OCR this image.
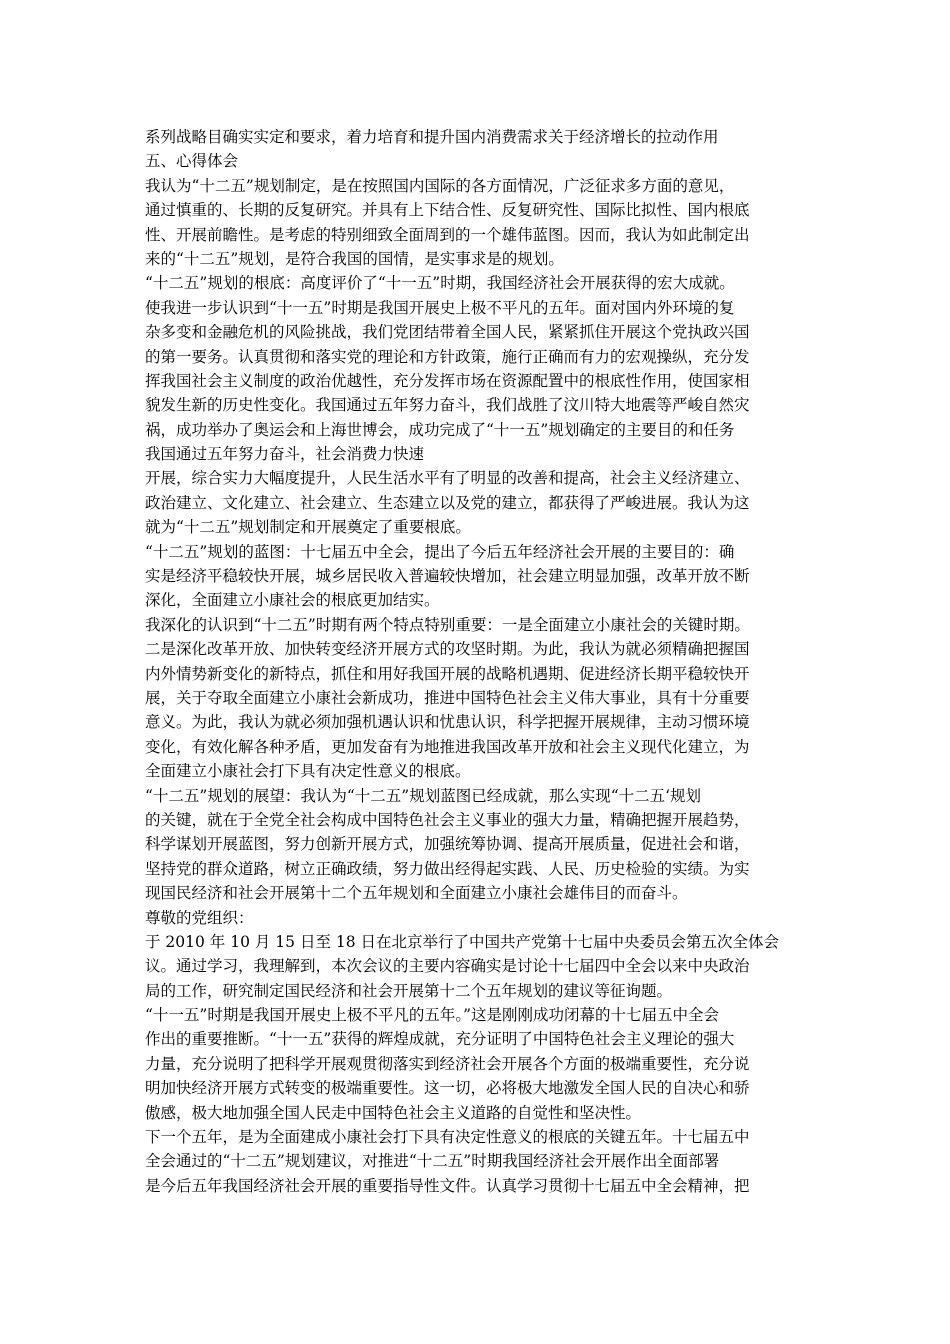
系列战略目确实实定和要求，着力培育和提升国内消费需求关于经济增长的拉动作用
五、心得体会
我认为“十二五”规划制定，是在按照国内国际的各方面情况，广泛征求多方面的意见，
通过慎重的、长期的反复研究。并具有上下结合性、反复研究性、国际比拟性、国内根底
性、开展前瞻性。是考虑的特别细致全面周到的一个雄伟蓝图。因而，我认为如此制定出
来的“十二五”规划，是符合我国的国情，是实事求是的规划。
“十二五”规划的根底：高度评价了“十一五”时期，我国经济社会开展获得的宏大成就。
使我进一步认识到“十一五”时期是我国开展史上极不平凡的五年。面对国内外环境的复
杂多变和金融危机的风险挑战，我们党团结带着全国人民，紧紧抓住开展这个党执政兴国
的第一要务。认真贯彻和落实党的理论和方针政策，施行正确而有力的宏观操纵，充分发
挥我国社会主义制度的政治优越性，充分发挥市场在资源配置中的根底性作用，使国家相
貌发生新的历史性变化。我国通过五年努力奋斗，我们战胜了汶川特大地震等严峻自然灾
祸，成功举办了奥运会和上海世博会，成功完成了“十一五”规划确定的主要目的和任务
我国通过五年努力奋斗，社会消费力快速
开展，综合实力大幅度提升，人民生活水平有了明显的改善和提高，社会主义经济建立、
政治建立、文化建立、社会建立、生态建立以及党的建立，都获得了严峻进展。我认为这
就为“十二五”规划制定和开展奠定了重要根底。
“十二五”规划的蓝图：十七届五中全会，提出了今后五年经济社会开展的主要目的：确
实是经济平稳较快开展，城乡居民收入普遍较快增加，社会建立明显加强，改革开放不断
深化，全面建立小康社会的根底更加结实。
我深化的认识到“十二五”时期有两个特点特别重要：一是全面建立小康社会的关键时期。
二是深化改革开放、加快转变经济开展方式的攻坚时期。为此，我认为就必须精确把握国
内外情势新变化的新特点，抓住和用好我国开展的战略机遇期、促进经济长期平稳较快开
展，关于夺取全面建立小康社会新成功，推进中国特色社会主义伟大事业，具有十分重要
意义。为此，我认为就必须加强机遇认识和忧患认识，科学把握开展规律，主动习惯环境
变化，有效化解各种矛盾，更加发奋有为地推进我国改革开放和社会主义现代化建立，为
全面建立小康社会打下具有决定性意义的根底。
“十二五”规划的展望：我认为“十二五”规划蓝图已经成就，那么实现“十二五‘规划
的关键，就在于全党全社会构成中国特色社会主义事业的强大力量，精确把握开展趋势，
科学谋划开展蓝图，努力创新开展方式，加强统筹协调、提高开展质量，促进社会和谐，
坚持党的群众道路，树立正确政绩，努力做出经得起实践、人民、历史检验的实绩。为实
现国民经济和社会开展第十二个五年规划和全面建立小康社会雄伟目的而奋斗。
尊敬的党组织：
于 2010 年 10 月 15 日至 18 日在北京举行了中国共产党第十七届中央委员会第五次全体会
议。通过学习，我理解到，本次会议的主要内容确实是讨论十七届四中全会以来中央政治
局的工作，研究制定国民经济和社会开展第十二个五年规划的建议等征询题。
“十一五”时期是我国开展史上极不平凡的五年。”这是刚刚成功闭幕的十七届五中全会
作出的重要推断。“十一五”获得的辉煌成就，充分证明了中国特色社会主义理论的强大
力量，充分说明了把科学开展观贯彻落实到经济社会开展各个方面的极端重要性，充分说
明加快经济开展方式转变的极端重要性。这一切，必将极大地激发全国人民的自决心和骄
傲感，极大地加强全国人民走中国特色社会主义道路的自觉性和坚决性。
下一个五年，是为全面建成小康社会打下具有决定性意义的根底的关键五年。十七届五中
全会通过的“十二五”规划建议，对推进“十二五”时期我国经济社会开展作出全面部署
是今后五年我国经济社会开展的重要指导性文件。认真学习贯彻十七届五中全会精神，把
